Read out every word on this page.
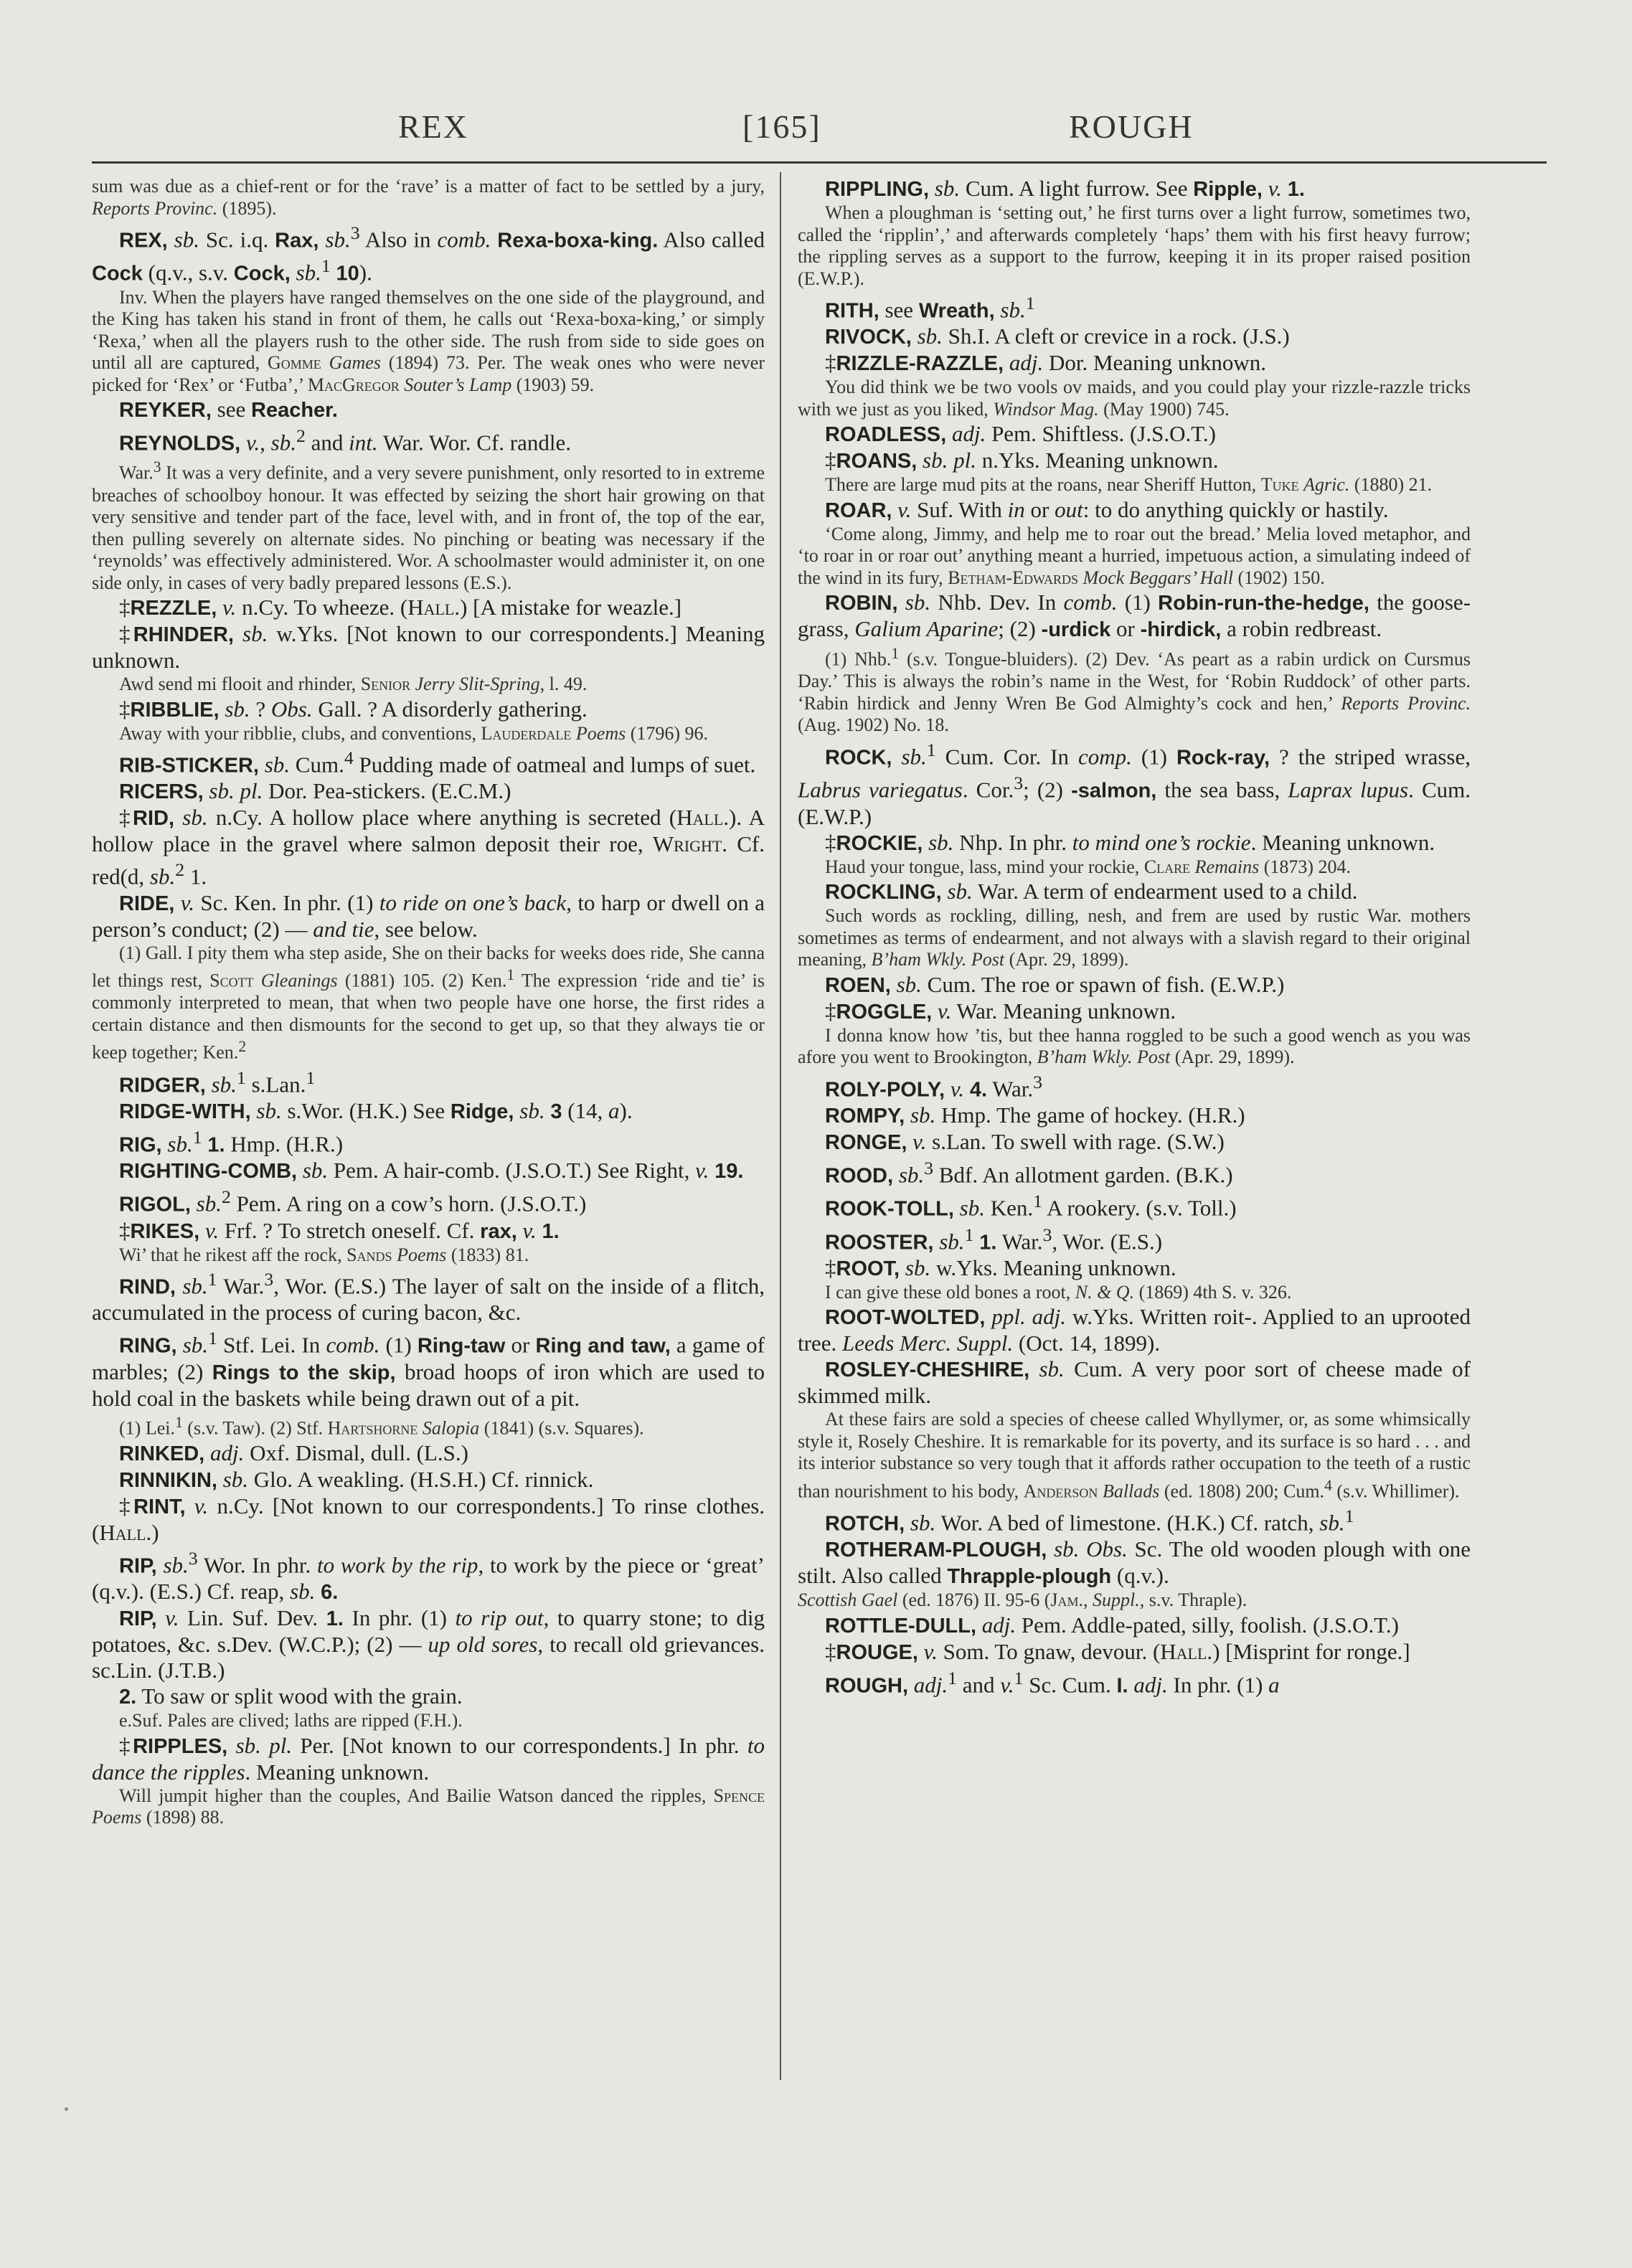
REX	[165]	ROUGH

sum was due as a chief-rent or for the ‘rave’ is a matter of fact to be settled by a jury, Reports Provinc. (1895).

REX, sb. Sc. i.q. Rax, sb.$^3$ Also in comb. Rexa-boxa-king. Also called Cock (q.v., s.v. Cock, sb.$^1$ 10).

Inv. When the players have ranged themselves on the one side of the playground, and the King has taken his stand in front of them, he calls out ‘Rexa-boxa-king,’ or simply ‘Rexa,’ when all the players rush to the other side. The rush from side to side goes on until all are captured, Gomme Games (1894) 73. Per. The weak ones who were never picked for ‘Rex’ or ‘Futba’,’ MacGregor Souter’s Lamp (1903) 59.

REYKER, see Reacher.

REYNOLDS, v., sb.$^2$ and int. War. Wor. Cf. randle.

War.$^3$ It was a very definite, and a very severe punishment, only resorted to in extreme breaches of schoolboy honour. It was effected by seizing the short hair growing on that very sensitive and tender part of the face, level with, and in front of, the top of the ear, then pulling severely on alternate sides. No pinching or beating was necessary if the ‘reynolds’ was effectively administered. Wor. A schoolmaster would administer it, on one side only, in cases of very badly prepared lessons (E.S.).

‡REZZLE, v. n.Cy. To wheeze. (Hall.) [A mistake for weazle.]

‡RHINDER, sb. w.Yks. [Not known to our correspondents.] Meaning unknown.

Awd send mi flooit and rhinder, Senior Jerry Slit-Spring, l. 49.

‡RIBBLIE, sb. ? Obs. Gall. ? A disorderly gathering.

Away with your ribblie, clubs, and conventions, Lauderdale Poems (1796) 96.

RIB-STICKER, sb. Cum.$^4$ Pudding made of oatmeal and lumps of suet.

RICERS, sb. pl. Dor. Pea-stickers. (E.C.M.)

‡RID, sb. n.Cy. A hollow place where anything is secreted (Hall.). A hollow place in the gravel where salmon deposit their roe, Wright. Cf. red(d, sb.$^2$ 1.

RIDE, v. Sc. Ken. In phr. (1) to ride on one’s back, to harp or dwell on a person’s conduct; (2) — and tie, see below.

(1) Gall. I pity them wha step aside, She on their backs for weeks does ride, She canna let things rest, Scott Gleanings (1881) 105. (2) Ken.$^1$ The expression ‘ride and tie’ is commonly interpreted to mean, that when two people have one horse, the first rides a certain distance and then dismounts for the second to get up, so that they always tie or keep together; Ken.$^2$

RIDGER, sb.$^1$ s.Lan.$^1$

RIDGE-WITH, sb. s.Wor. (H.K.) See Ridge, sb. 3 (14, a).

RIG, sb.$^1$ 1. Hmp. (H.R.)

RIGHTING-COMB, sb. Pem. A hair-comb. (J.S.O.T.) See Right, v. 19.

RIGOL, sb.$^2$ Pem. A ring on a cow’s horn. (J.S.O.T.)

‡RIKES, v. Frf. ? To stretch oneself. Cf. rax, v. 1.

Wi’ that he rikest aff the rock, Sands Poems (1833) 81.

RIND, sb.$^1$ War.$^3$, Wor. (E.S.) The layer of salt on the inside of a flitch, accumulated in the process of curing bacon, &c.

RING, sb.$^1$ Stf. Lei. In comb. (1) Ring-taw or Ring and taw, a game of marbles; (2) Rings to the skip, broad hoops of iron which are used to hold coal in the baskets while being drawn out of a pit.

(1) Lei.$^1$ (s.v. Taw). (2) Stf. Hartshorne Salopia (1841) (s.v. Squares).

RINKED, adj. Oxf. Dismal, dull. (L.S.)

RINNIKIN, sb. Glo. A weakling. (H.S.H.) Cf. rinnick.

‡RINT, v. n.Cy. [Not known to our correspondents.] To rinse clothes. (Hall.)

RIP, sb.$^3$ Wor. In phr. to work by the rip, to work by the piece or ‘great’ (q.v.). (E.S.) Cf. reap, sb. 6.

RIP, v. Lin. Suf. Dev. 1. In phr. (1) to rip out, to quarry stone; to dig potatoes, &c. s.Dev. (W.C.P.); (2) — up old sores, to recall old grievances. sc.Lin. (J.T.B.)

2. To saw or split wood with the grain.

e.Suf. Pales are clived; laths are ripped (F.H.).

‡RIPPLES, sb. pl. Per. [Not known to our correspondents.] In phr. to dance the ripples. Meaning unknown.

Will jumpit higher than the couples, And Bailie Watson danced the ripples, Spence Poems (1898) 88.

RIPPLING, sb. Cum. A light furrow. See Ripple, v. 1.

When a ploughman is ‘setting out,’ he first turns over a light furrow, sometimes two, called the ‘ripplin’,’ and afterwards completely ‘haps’ them with his first heavy furrow; the rippling serves as a support to the furrow, keeping it in its proper raised position (E.W.P.).

RITH, see Wreath, sb.$^1$

RIVOCK, sb. Sh.I. A cleft or crevice in a rock. (J.S.)

‡RIZZLE-RAZZLE, adj. Dor. Meaning unknown.

You did think we be two vools ov maids, and you could play your rizzle-razzle tricks with we just as you liked, Windsor Mag. (May 1900) 745.

ROADLESS, adj. Pem. Shiftless. (J.S.O.T.)

‡ROANS, sb. pl. n.Yks. Meaning unknown.

There are large mud pits at the roans, near Sheriff Hutton, Tuke Agric. (1880) 21.

ROAR, v. Suf. With in or out: to do anything quickly or hastily.

‘Come along, Jimmy, and help me to roar out the bread.’ Melia loved metaphor, and ‘to roar in or roar out’ anything meant a hurried, impetuous action, a simulating indeed of the wind in its fury, Betham-Edwards Mock Beggars’ Hall (1902) 150.

ROBIN, sb. Nhb. Dev. In comb. (1) Robin-run-the-hedge, the goose-grass, Galium Aparine; (2) -urdick or -hirdick, a robin redbreast.

(1) Nhb.$^1$ (s.v. Tongue-bluiders). (2) Dev. ‘As peart as a rabin urdick on Cursmus Day.’ This is always the robin’s name in the West, for ‘Robin Ruddock’ of other parts. ‘Rabin hirdick and Jenny Wren Be God Almighty’s cock and hen,’ Reports Provinc. (Aug. 1902) No. 18.

ROCK, sb.$^1$ Cum. Cor. In comp. (1) Rock-ray, ? the striped wrasse, Labrus variegatus. Cor.$^3$; (2) -salmon, the sea bass, Laprax lupus. Cum. (E.W.P.)

‡ROCKIE, sb. Nhp. In phr. to mind one’s rockie. Meaning unknown.

Haud your tongue, lass, mind your rockie, Clare Remains (1873) 204.

ROCKLING, sb. War. A term of endearment used to a child.

Such words as rockling, dilling, nesh, and frem are used by rustic War. mothers sometimes as terms of endearment, and not always with a slavish regard to their original meaning, B’ham Wkly. Post (Apr. 29, 1899).

ROEN, sb. Cum. The roe or spawn of fish. (E.W.P.)

‡ROGGLE, v. War. Meaning unknown.

I donna know how ’tis, but thee hanna roggled to be such a good wench as you was afore you went to Brookington, B’ham Wkly. Post (Apr. 29, 1899).

ROLY-POLY, v. 4. War.$^3$

ROMPY, sb. Hmp. The game of hockey. (H.R.)

RONGE, v. s.Lan. To swell with rage. (S.W.)

ROOD, sb.$^3$ Bdf. An allotment garden. (B.K.)

ROOK-TOLL, sb. Ken.$^1$ A rookery. (s.v. Toll.)

ROOSTER, sb.$^1$ 1. War.$^3$, Wor. (E.S.)

‡ROOT, sb. w.Yks. Meaning unknown.

I can give these old bones a root, N. & Q. (1869) 4th S. v. 326.

ROOT-WOLTED, ppl. adj. w.Yks. Written roit-. Applied to an uprooted tree. Leeds Merc. Suppl. (Oct. 14, 1899).

ROSLEY-CHESHIRE, sb. Cum. A very poor sort of cheese made of skimmed milk.

At these fairs are sold a species of cheese called Whyllymer, or, as some whimsically style it, Rosely Cheshire. It is remarkable for its poverty, and its surface is so hard . . . and its interior substance so very tough that it affords rather occupation to the teeth of a rustic than nourishment to his body, Anderson Ballads (ed. 1808) 200; Cum.$^4$ (s.v. Whillimer).

ROTCH, sb. Wor. A bed of limestone. (H.K.) Cf. ratch, sb.$^1$

ROTHERAM-PLOUGH, sb. Obs. Sc. The old wooden plough with one stilt. Also called Thrapple-plough (q.v.).

Scottish Gael (ed. 1876) II. 95-6 (Jam., Suppl., s.v. Thraple).

ROTTLE-DULL, adj. Pem. Addle-pated, silly, foolish. (J.S.O.T.)

‡ROUGE, v. Som. To gnaw, devour. (Hall.) [Misprint for ronge.]

ROUGH, adj.$^1$ and v.$^1$ Sc. Cum. I. adj. In phr. (1) a
